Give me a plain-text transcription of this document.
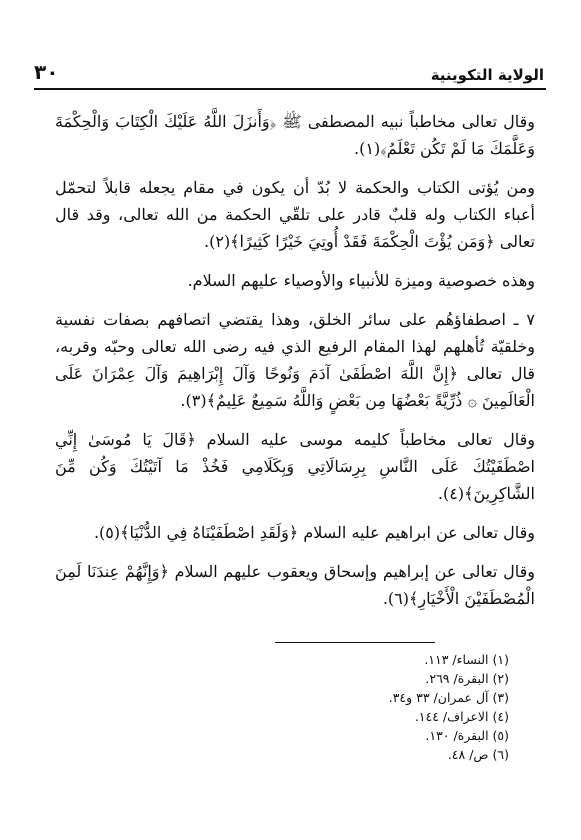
الولاية التكوينية
٣٠

وقال تعالى مخاطباً نبيه المصطفى ﷺ ﴿وَأَنزَلَ اللَّهُ عَلَيْكَ الْكِتَابَ وَالْحِكْمَةَ وَعَلَّمَكَ مَا لَمْ تَكُن تَعْلَمُ﴾(١).

ومن يُؤتى الكتاب والحكمة لا بُدّ أن يكون في مقام يجعله قابلاً لتحمّل أعباء الكتاب وله قلبٌ قادر على تلقّي الحكمة من الله تعالى، وقد قال تعالى ﴿وَمَن يُؤْتَ الْحِكْمَةَ فَقَدْ أُوتِيَ خَيْرًا كَثِيرًا﴾(٢).

وهذه خصوصية وميزة للأنبياء والأوصياء عليهم السلام.

٧ ـ اصطفاؤهُم على سائر الخلق، وهذا يقتضي اتصافهم بصفات نفسية وخلقيّة تُأهلهم لهذا المقام الرفيع الذي فيه رضى الله تعالى وحبّه وقربه، قال تعالى ﴿إِنَّ اللَّهَ اصْطَفَىٰ آدَمَ وَنُوحًا وَآلَ إِبْرَاهِيمَ وَآلَ عِمْرَانَ عَلَى الْعَالَمِينَ ۞ ذُرِّيَّةً بَعْضُهَا مِن بَعْضٍ وَاللَّهُ سَمِيعٌ عَلِيمٌ﴾(٣).

وقال تعالى مخاطباً كليمه موسى عليه السلام ﴿قَالَ يَا مُوسَىٰ إِنِّي اصْطَفَيْتُكَ عَلَى النَّاسِ بِرِسَالَاتِي وَبِكَلَامِي فَخُذْ مَا آتَيْتُكَ وَكُن مِّنَ الشَّاكِرِينَ﴾(٤).

وقال تعالى عن ابراهيم عليه السلام ﴿وَلَقَدِ اصْطَفَيْنَاهُ فِي الدُّنْيَا﴾(٥).

وقال تعالى عن إبراهيم وإسحاق ويعقوب عليهم السلام ﴿وَإِنَّهُمْ عِندَنَا لَمِنَ الْمُصْطَفَيْنَ الْأَخْيَارِ﴾(٦).

(١) النساء/ ١١٣.
(٢) البقرة/ ٢٦٩.
(٣) آل عمران/ ٣٣ و٣٤.
(٤) الاعراف/ ١٤٤.
(٥) البقرة/ ١٣٠.
(٦) ص/ ٤٨.
